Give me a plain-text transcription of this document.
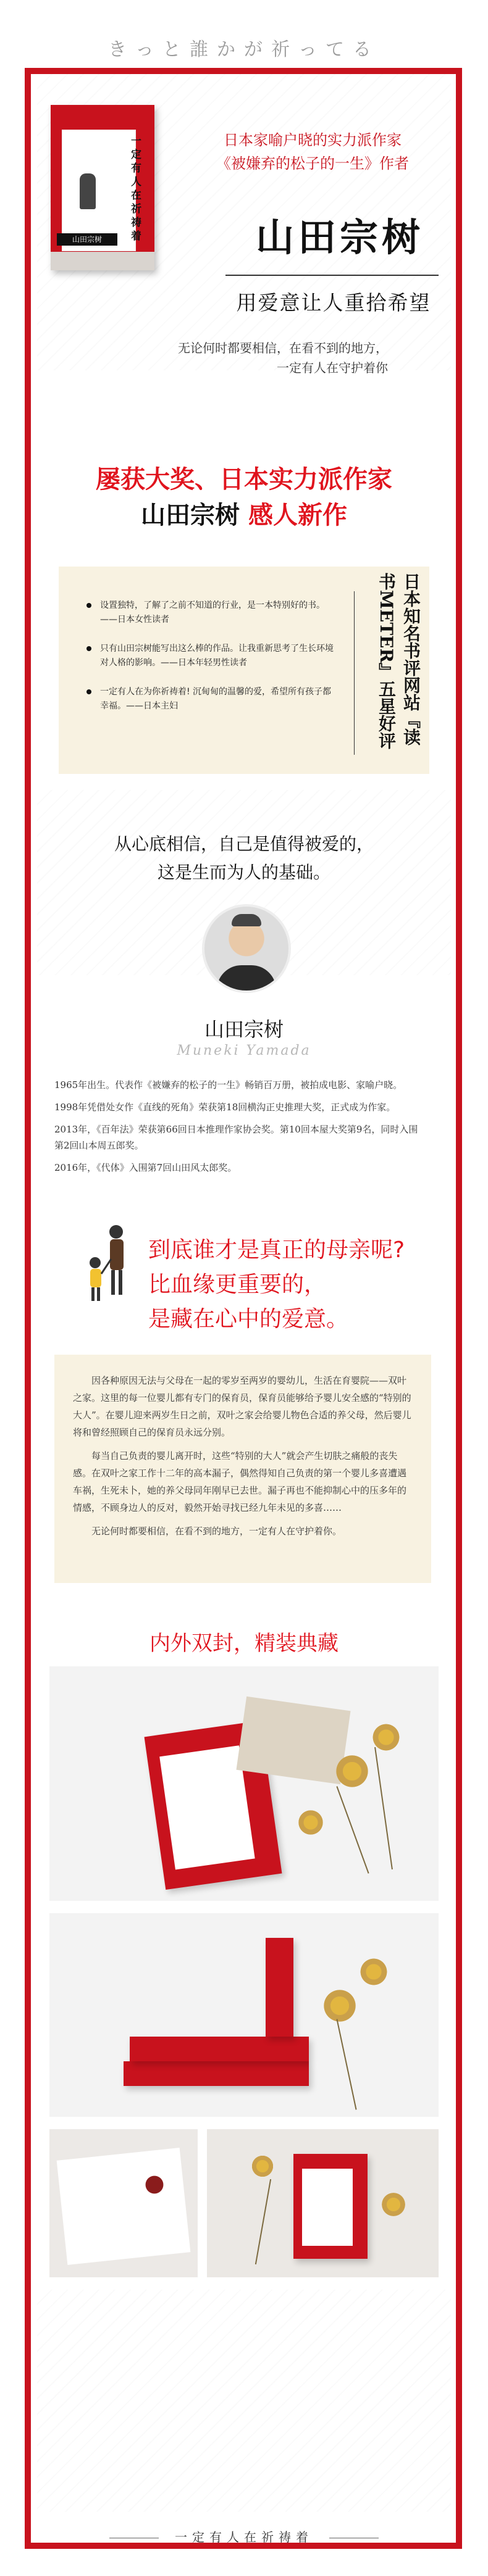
きっと誰かが祈ってる
一定有人在祈祷着
山田宗树
日本家喻户晓的实力派作家
《被嫌弃的松子的一生》作者
山田宗树
用爱意让人重拾希望
无论何时都要相信，在看不到的地方，
一定有人在守护着你
屡获大奖、日本实力派作家
山田宗树 感人新作
设置独特，了解了之前不知道的行业，是一本特别好的书。——日本女性读者
只有山田宗树能写出这么棒的作品。让我重新思考了生长环境对人格的影响。——日本年轻男性读者
一定有人在为你祈祷着! 沉甸甸的温馨的爱，希望所有孩子都幸福。——日本主妇	日本知名书评网站『读书METER』五星好评
从心底相信，自己是值得被爱的，
这是生而为人的基础。
山田宗树
Muneki Yamada

1965年出生。代表作《被嫌弃的松子的一生》畅销百万册，被拍成电影、家喻户晓。

1998年凭借处女作《直线的死角》荣获第18回横沟正史推理大奖，正式成为作家。

2013年，《百年法》荣获第66回日本推理作家协会奖。第10回本屋大奖第9名，同时入围第2回山本周五郎奖。

2016年，《代体》入围第7回山田风太郎奖。

到底谁才是真正的母亲呢?
比血缘更重要的，
是藏在心中的爱意。

因各种原因无法与父母在一起的零岁至两岁的婴幼儿，生活在育婴院——双叶之家。这里的每一位婴儿都有专门的保育员，保育员能够给予婴儿安全感的“特别的大人”。在婴儿迎来两岁生日之前，双叶之家会给婴儿物色合适的养父母，然后婴儿将和曾经照顾自己的保育员永远分别。

每当自己负责的婴儿离开时，这些“特别的大人”就会产生切肤之痛般的丧失感。在双叶之家工作十二年的高本漏子，偶然得知自己负责的第一个婴儿多喜遭遇车祸，生死未卜，她的养父母同年刚早已去世。漏子再也不能抑制心中的压多年的情感，不顾身边人的反对，毅然开始寻找已经九年未见的多喜……

无论何时都要相信，在看不到的地方，一定有人在守护着你。

内外双封，精装典藏
一定有人在祈祷着
